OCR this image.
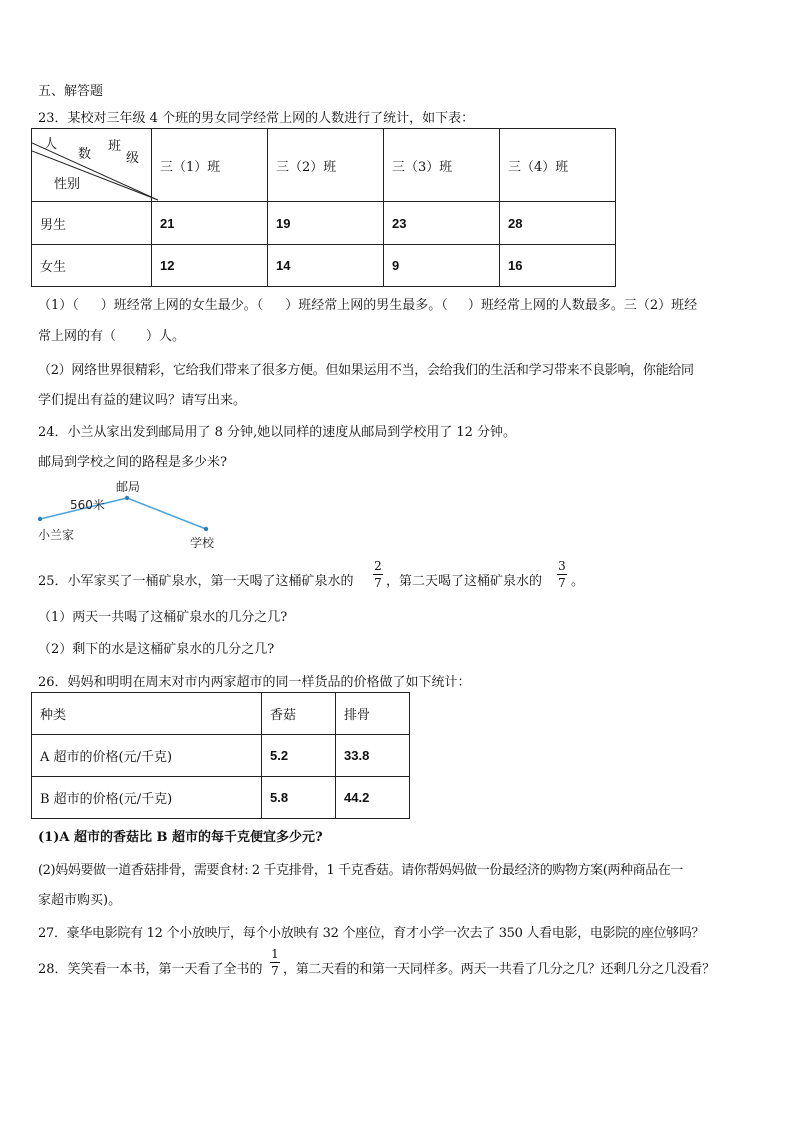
五、解答题
23．某校对三年级 4 个班的男女同学经常上网的人数进行了统计，如下表：
人
数
班
级
性别	三（1）班	三（2）班	三（3）班	三（4）班
男生	21	19	23	28
女生	12	14	9	16
（1）（ ）班经常上网的女生最少。（ ）班经常上网的男生最多。（ ）班经常上网的人数最多。三（2）班经
常上网的有（ ）人。
（2）网络世界很精彩，它给我们带来了很多方便。但如果运用不当，会给我们的生活和学习带来不良影响，你能给同
学们提出有益的建议吗？请写出来。
24．小兰从家出发到邮局用了 8 分钟,她以同样的速度从邮局到学校用了 12 分钟。
邮局到学校之间的路程是多少米?
邮局
560米
小兰家
学校
25．小军家买了一桶矿泉水，第一天喝了这桶矿泉水的
2
7 ，第二天喝了这桶矿泉水的
3
7 。
（1）两天一共喝了这桶矿泉水的几分之几?
（2）剩下的水是这桶矿泉水的几分之几?
26．妈妈和明明在周末对市内两家超市的同一样货品的价格做了如下统计：
种类	香菇	排骨
A 超市的价格(元/千克)	5.2	33.8
B 超市的价格(元/千克)	5.8	44.2
(1)A 超市的香菇比 B 超市的每千克便宜多少元?
(2)妈妈要做一道香菇排骨，需要食材: 2 千克排骨，1 千克香菇。请你帮妈妈做一份最经济的购物方案(两种商品在一
家超市购买)。
27．豪华电影院有 12 个小放映厅，每个小放映有 32 个座位，育才小学一次去了 350 人看电影，电影院的座位够吗？
28．笑笑看一本书，第一天看了全书的
1
7 ，第二天看的和第一天同样多。两天一共看了几分之几？还剩几分之几没看？
